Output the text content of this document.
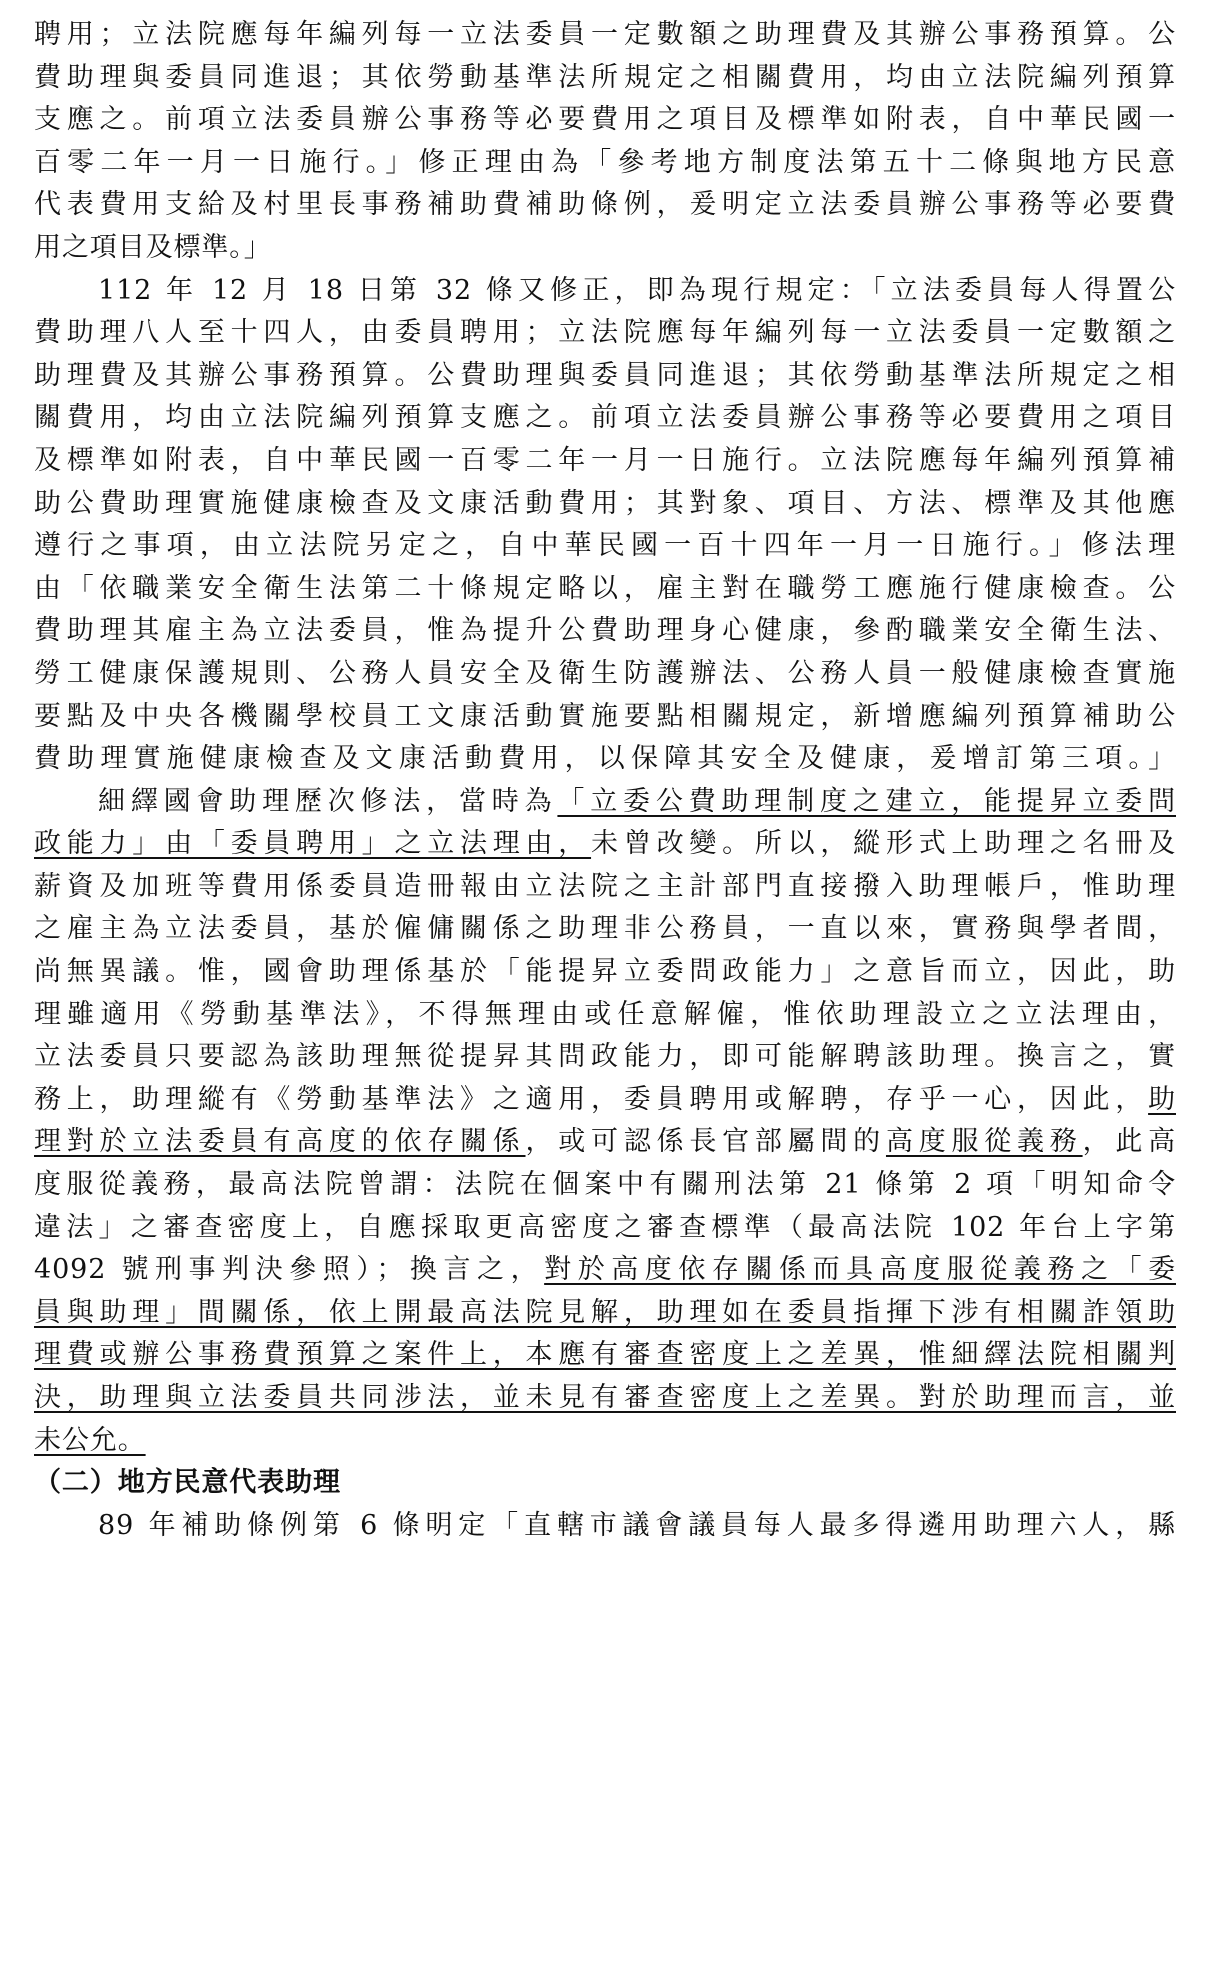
聘用；立法院應每年編列每一立法委員一定數額之助理費及其辦公事務預算。公
費助理與委員同進退；其依勞動基準法所規定之相關費用，均由立法院編列預算
支應之。前項立法委員辦公事務等必要費用之項目及標準如附表，自中華民國一
百零二年一月一日施行。」修正理由為「參考地方制度法第五十二條與地方民意
代表費用支給及村里長事務補助費補助條例，爰明定立法委員辦公事務等必要費
用之項目及標準。」
112 年 12 月 18 日第 32 條又修正，即為現行規定：「立法委員每人得置公
費助理八人至十四人，由委員聘用；立法院應每年編列每一立法委員一定數額之
助理費及其辦公事務預算。公費助理與委員同進退；其依勞動基準法所規定之相
關費用，均由立法院編列預算支應之。前項立法委員辦公事務等必要費用之項目
及標準如附表，自中華民國一百零二年一月一日施行。立法院應每年編列預算補
助公費助理實施健康檢查及文康活動費用；其對象、項目、方法、標準及其他應
遵行之事項，由立法院另定之，自中華民國一百十四年一月一日施行。」修法理
由「依職業安全衛生法第二十條規定略以，雇主對在職勞工應施行健康檢查。公
費助理其雇主為立法委員，惟為提升公費助理身心健康，參酌職業安全衛生法、
勞工健康保護規則、公務人員安全及衛生防護辦法、公務人員一般健康檢查實施
要點及中央各機關學校員工文康活動實施要點相關規定，新增應編列預算補助公
費助理實施健康檢查及文康活動費用，以保障其安全及健康，爰增訂第三項。」
細繹國會助理歷次修法，當時為「立委公費助理制度之建立，能提昇立委問
政能力」由「委員聘用」之立法理由，未曾改變。所以，縱形式上助理之名冊及
薪資及加班等費用係委員造冊報由立法院之主計部門直接撥入助理帳戶，惟助理
之雇主為立法委員，基於僱傭關係之助理非公務員，一直以來，實務與學者間，
尚無異議。惟，國會助理係基於「能提昇立委問政能力」之意旨而立，因此，助
理雖適用《勞動基準法》，不得無理由或任意解僱，惟依助理設立之立法理由，
立法委員只要認為該助理無從提昇其問政能力，即可能解聘該助理。換言之，實
務上，助理縱有《勞動基準法》之適用，委員聘用或解聘，存乎一心，因此，助
理對於立法委員有高度的依存關係，或可認係長官部屬間的高度服從義務，此高
度服從義務，最高法院曾謂：法院在個案中有關刑法第 21 條第 2 項「明知命令
違法」之審查密度上，自應採取更高密度之審查標準（最高法院 102 年台上字第
4092 號刑事判決參照）；換言之，對於高度依存關係而具高度服從義務之「委
員與助理」間關係，依上開最高法院見解，助理如在委員指揮下涉有相關詐領助
理費或辦公事務費預算之案件上，本應有審查密度上之差異，惟細繹法院相關判
決，助理與立法委員共同涉法，並未見有審查密度上之差異。對於助理而言，並
未公允。
（二）地方民意代表助理
89 年補助條例第 6 條明定「直轄市議會議員每人最多得遴用助理六人，縣
